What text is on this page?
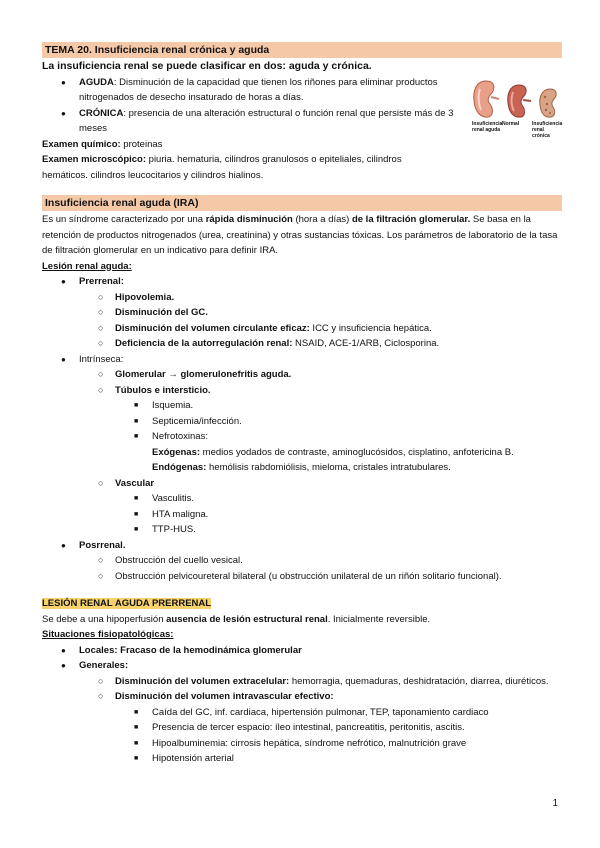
TEMA 20. Insuficiencia renal crónica y aguda
La insuficiencia renal se puede clasificar en dos: aguda y crónica.
● AGUDA: Disminución de la capacidad que tienen los riñones para eliminar productos nitrogenados de desecho insaturado de horas a días.
● CRÓNICA: presencia de una alteración estructural o función renal que persiste más de 3 meses
Examen químico: proteinas
Examen microscópico: piuria. hematuria, cilindros granulosos o epiteliales, cilindros hemáticos. cilindros leucocitarios y cilindros hialinos.
Insuficiencia renal aguda
Normal	Insuficiencia renal crónica
Insuficiencia renal aguda (IRA)
Es un síndrome caracterizado por una rápida disminución (hora a días) de la filtración glomerular. Se basa en la retención de productos nitrogenados (urea, creatinina) y otras sustancias tóxicas. Los parámetros de laboratorio de la tasa de filtración glomerular en un indicativo para definir IRA.
Lesión renal aguda:
● Prerrenal:
○ Hipovolemia.
○ Disminución del GC.
○ Disminución del volumen circulante eficaz: ICC y insuficiencia hepática.
○ Deficiencia de la autorregulación renal: NSAID, ACE-1/ARB, Ciclosporina.
● Intrínseca:
○ Glomerular → glomerulonefritis aguda.
○ Túbulos e intersticio.
■ Isquemia.
■ Septicemia/infección.
■ Nefrotoxinas:
Exógenas: medios yodados de contraste, aminoglucósidos, cisplatino, anfotericina B.
Endógenas: hemólisis rabdomiólisis, mieloma, cristales intratubulares.
○ Vascular
■ Vasculitis.
■ HTA maligna.
■ TTP-HUS.
● Posrrenal.
○ Obstrucción del cuello vesical.
○ Obstrucción pelvicoureteral bilateral (u obstrucción unilateral de un riñón solitario funcional).
LESIÓN RENAL AGUDA PRERRENAL
Se debe a una hipoperfusión ausencia de lesión estructural renal. Inicialmente reversible.
Situaciones fisiopatológicas:
● Locales: Fracaso de la hemodinámica glomerular
● Generales:
○ Disminución del volumen extracelular: hemorragia, quemaduras, deshidratación, diarrea, diuréticos.
○ Disminución del volumen intravascular efectivo:
■ Caída del GC, inf. cardiaca, hipertensión pulmonar, TEP, taponamiento cardiaco
■ Presencia de tercer espacio: íleo intestinal, pancreatitis, peritonitis, ascitis.
■ Hipoalbuminemia: cirrosis hepática, síndrome nefrótico, malnutrición grave
■ Hipotensión arterial
1
